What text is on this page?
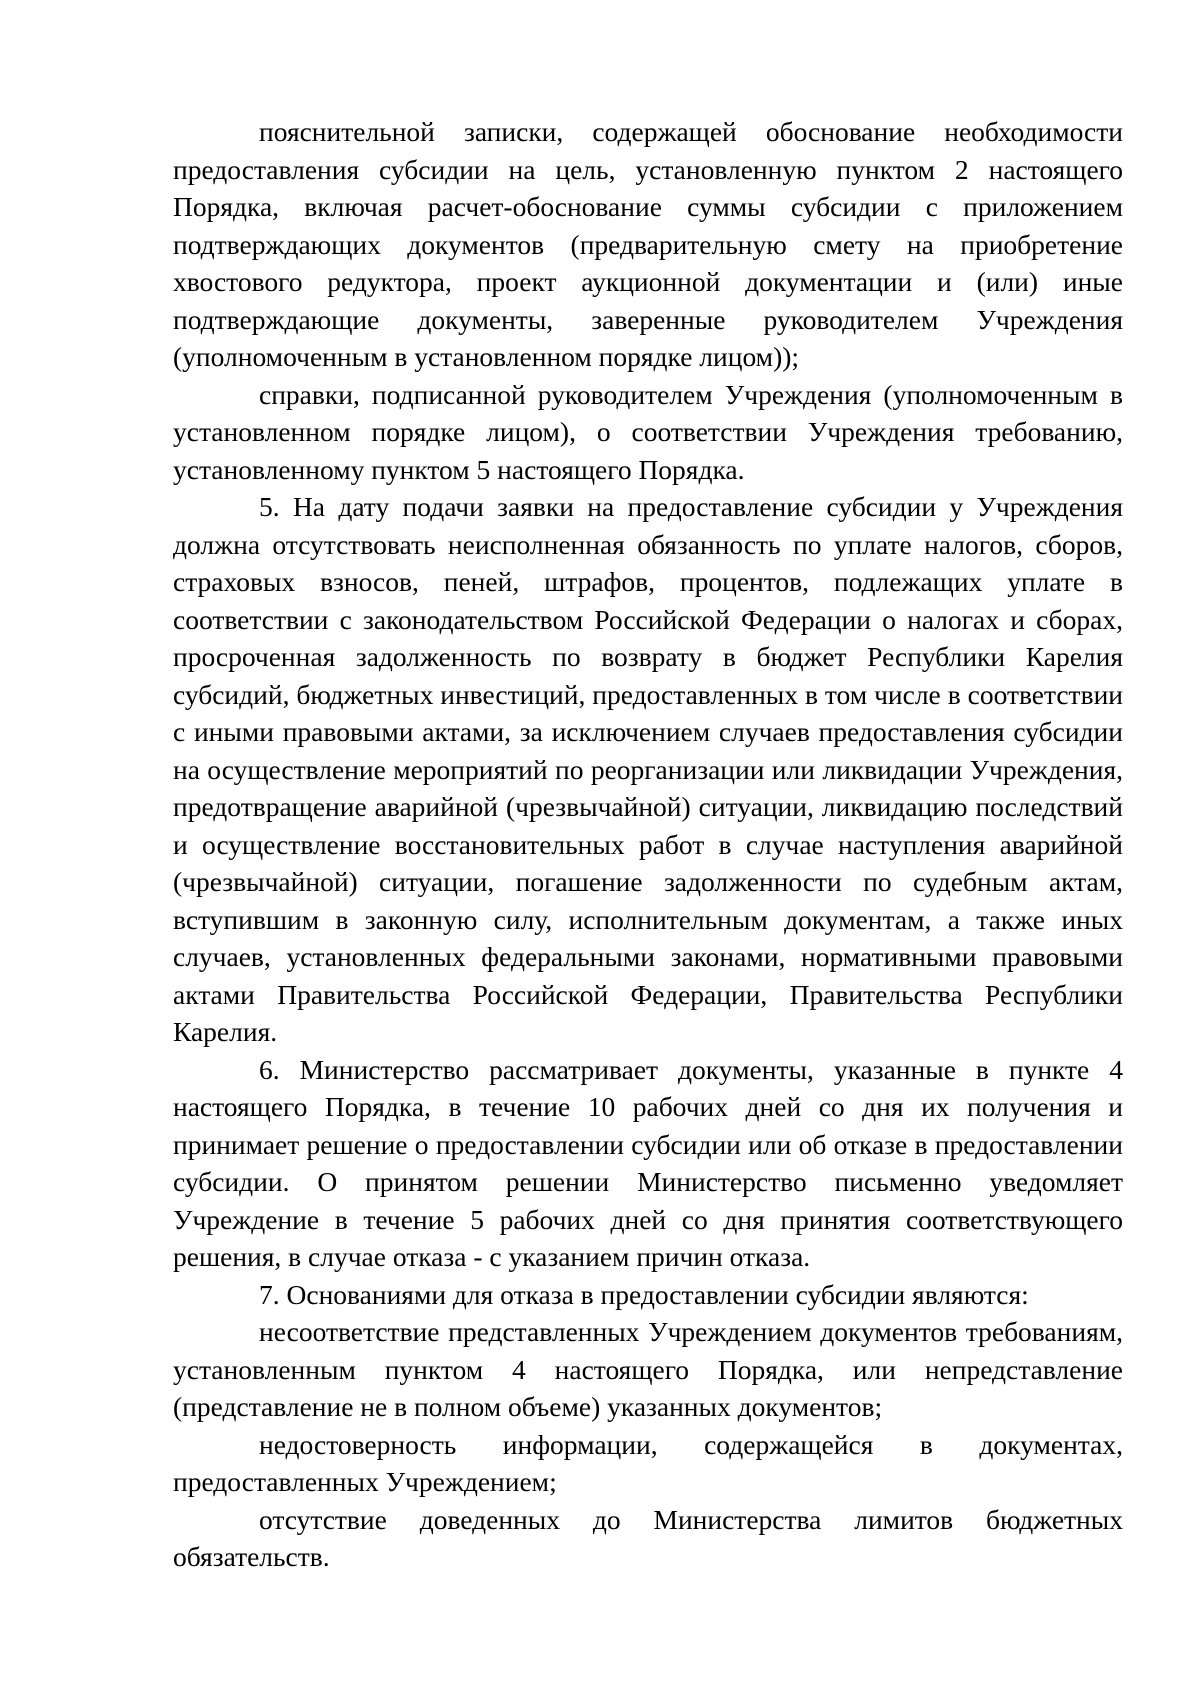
пояснительной записки, содержащей обоснование необходимости предоставления субсидии на цель, установленную пунктом 2 настоящего Порядка, включая расчет-обоснование суммы субсидии с приложением подтверждающих документов (предварительную смету на приобретение хвостового редуктора, проект аукционной документации и (или) иные подтверждающие документы, заверенные руководителем Учреждения (уполномоченным в установленном порядке лицом));

справки, подписанной руководителем Учреждения (уполномоченным в установленном порядке лицом), о соответствии Учреждения требованию, установленному пунктом 5 настоящего Порядка.

5. На дату подачи заявки на предоставление субсидии у Учреждения должна отсутствовать неисполненная обязанность по уплате налогов, сборов, страховых взносов, пеней, штрафов, процентов, подлежащих уплате в соответствии с законодательством Российской Федерации о налогах и сборах, просроченная задолженность по возврату в бюджет Республики Карелия субсидий, бюджетных инвестиций, предоставленных в том числе в соответствии с иными правовыми актами, за исключением случаев предоставления субсидии на осуществление мероприятий по реорганизации или ликвидации Учреждения, предотвращение аварийной (чрезвычайной) ситуации, ликвидацию последствий и осуществление восстановительных работ в случае наступления аварийной (чрезвычайной) ситуации, погашение задолженности по судебным актам, вступившим в законную силу, исполнительным документам, а также иных случаев, установленных федеральными законами, нормативными правовыми актами Правительства Российской Федерации, Правительства Республики Карелия.

6. Министерство рассматривает документы, указанные в пункте 4 настоящего Порядка, в течение 10 рабочих дней со дня их получения и принимает решение о предоставлении субсидии или об отказе в предоставлении субсидии. О принятом решении Министерство письменно уведомляет Учреждение в течение 5 рабочих дней со дня принятия соответствующего решения, в случае отказа - с указанием причин отказа.

7. Основаниями для отказа в предоставлении субсидии являются:

несоответствие представленных Учреждением документов требованиям, установленным пунктом 4 настоящего Порядка, или непредставление (представление не в полном объеме) указанных документов;

недостоверность информации, содержащейся в документах, предоставленных Учреждением;

отсутствие доведенных до Министерства лимитов бюджетных обязательств.
